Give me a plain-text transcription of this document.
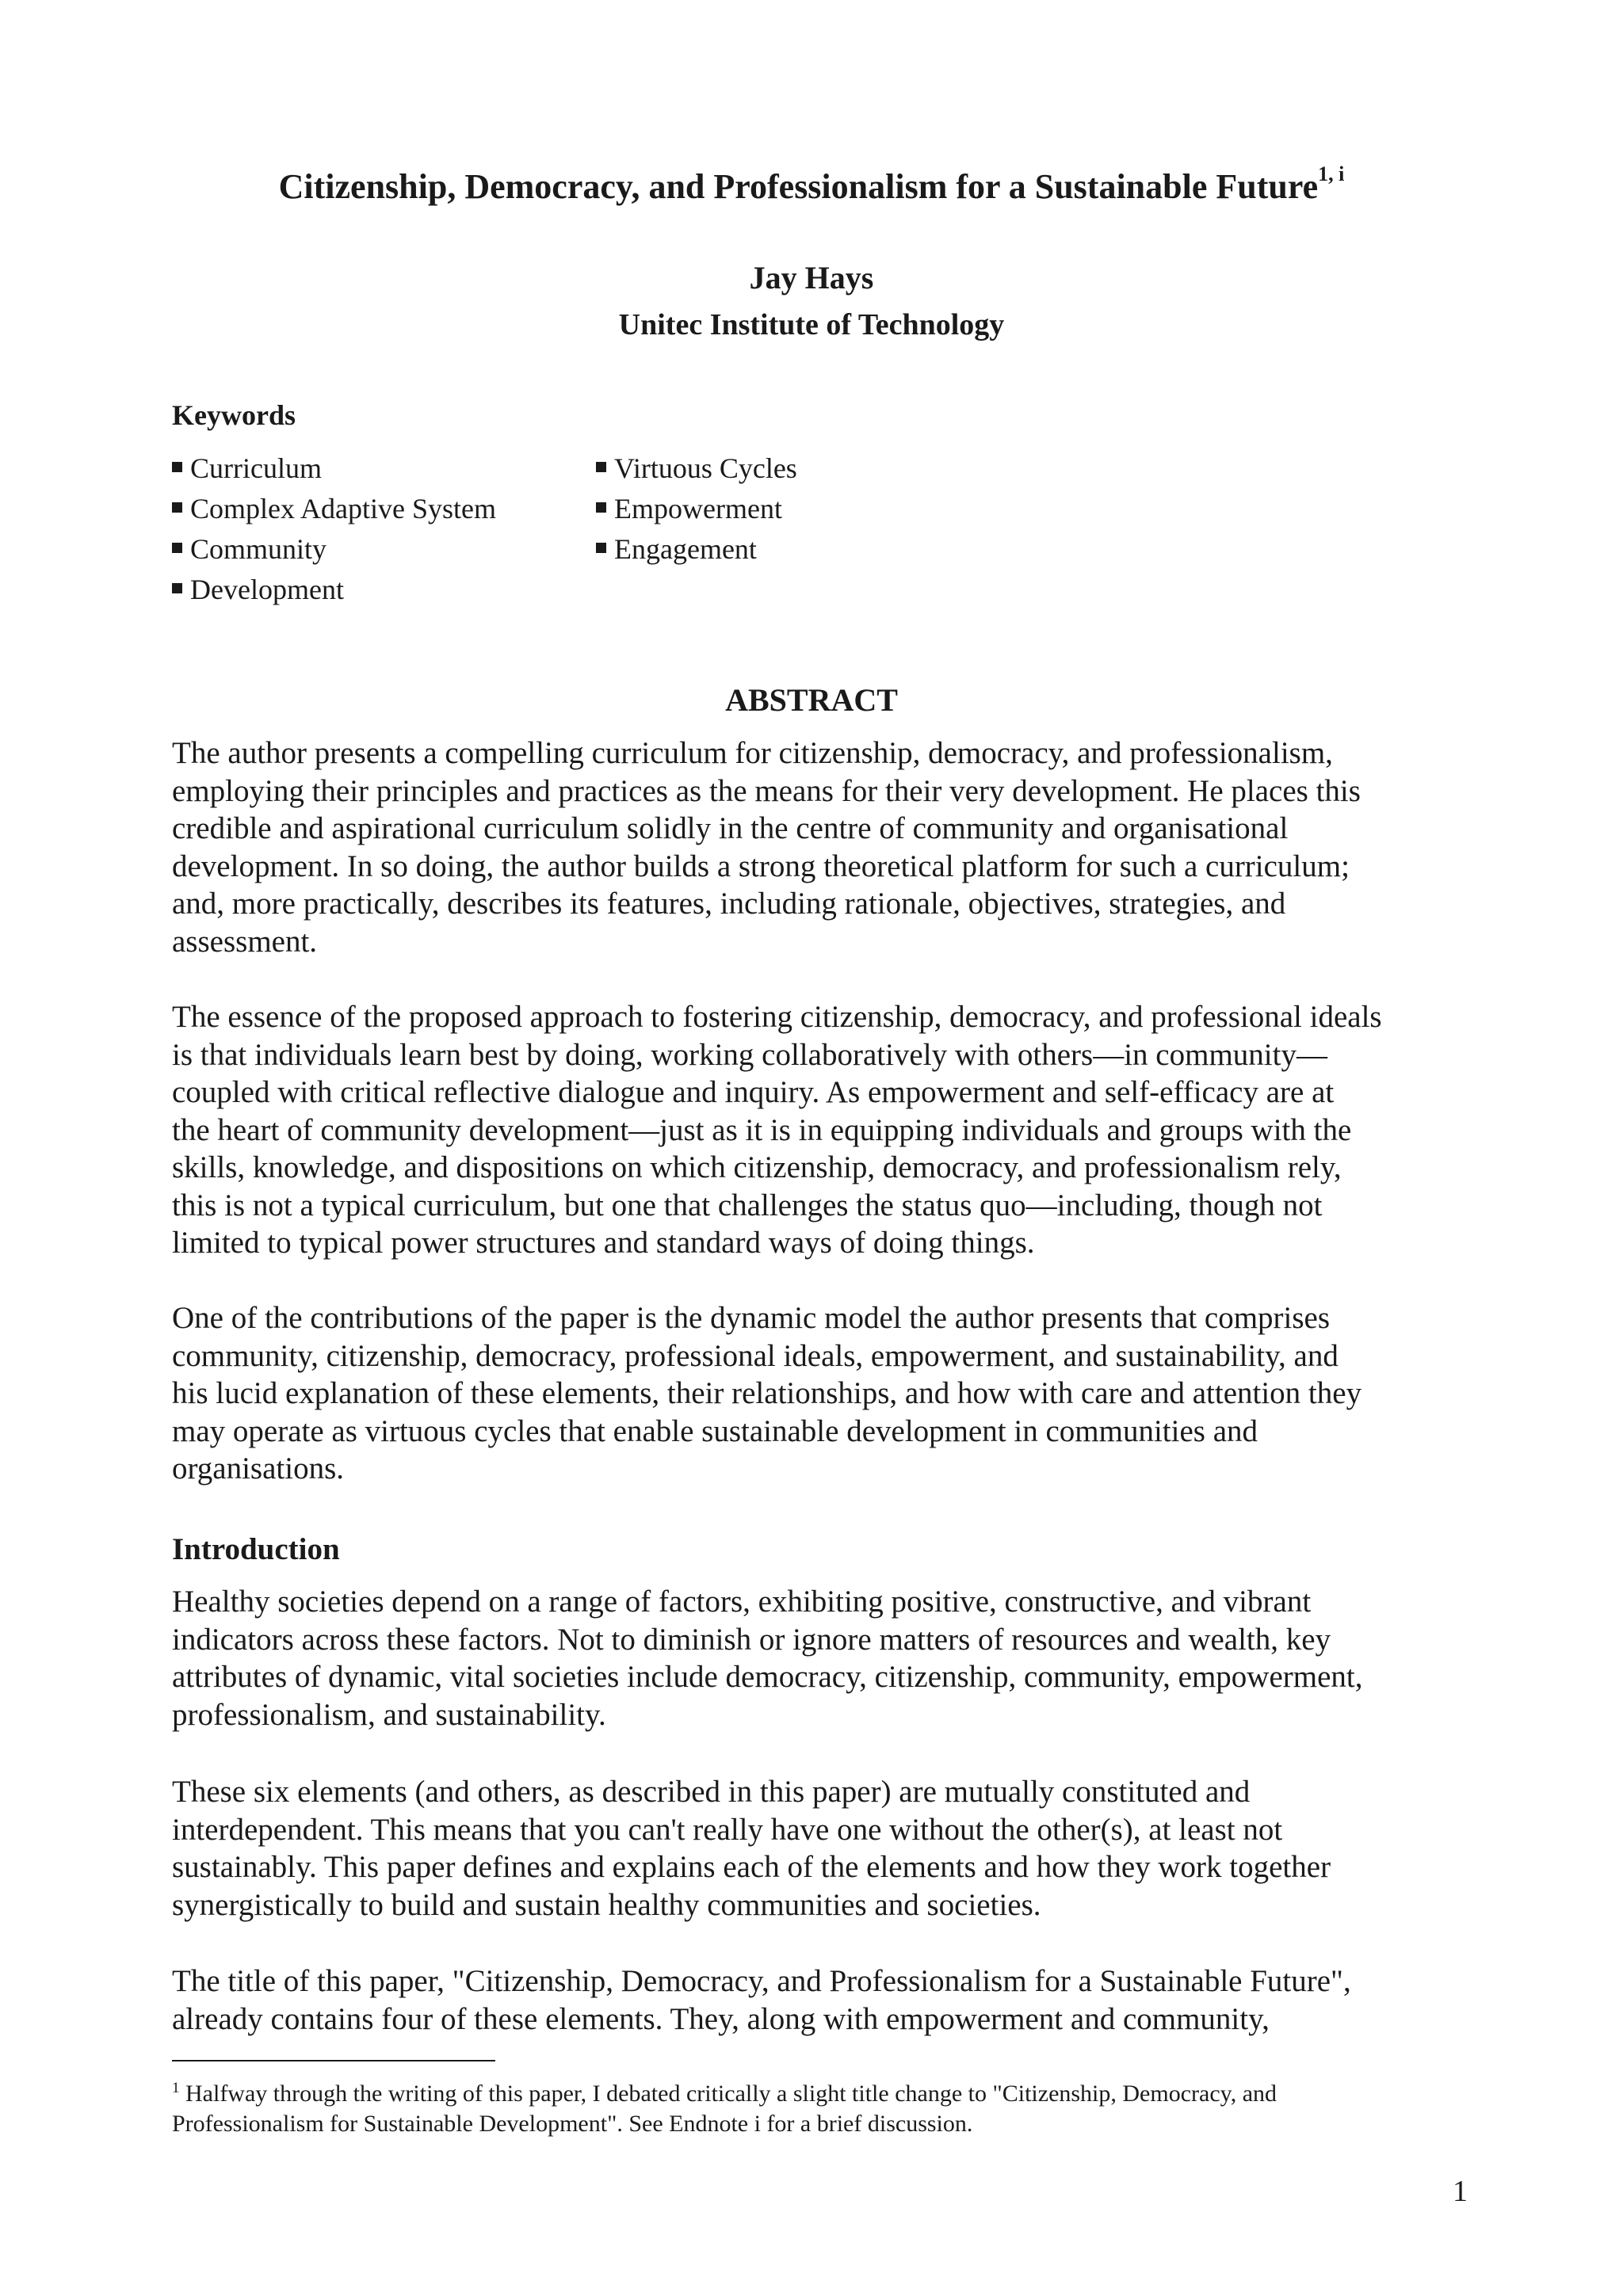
Citizenship, Democracy, and Professionalism for a Sustainable Future$^{1, i}$

Jay Hays

Unitec Institute of Technology

Keywords

Curriculum
Complex Adaptive System
Community
Development
Virtuous Cycles
Empowerment
Engagement
ABSTRACT

The author presents a compelling curriculum for citizenship, democracy, and professionalism,
employing their principles and practices as the means for their very development. He places this
credible and aspirational curriculum solidly in the centre of community and organisational
development. In so doing, the author builds a strong theoretical platform for such a curriculum;
and, more practically, describes its features, including rationale, objectives, strategies, and
assessment.

The essence of the proposed approach to fostering citizenship, democracy, and professional ideals
is that individuals learn best by doing, working collaboratively with others—in community—
coupled with critical reflective dialogue and inquiry. As empowerment and self-efficacy are at
the heart of community development—just as it is in equipping individuals and groups with the
skills, knowledge, and dispositions on which citizenship, democracy, and professionalism rely,
this is not a typical curriculum, but one that challenges the status quo—including, though not
limited to typical power structures and standard ways of doing things.

One of the contributions of the paper is the dynamic model the author presents that comprises
community, citizenship, democracy, professional ideals, empowerment, and sustainability, and
his lucid explanation of these elements, their relationships, and how with care and attention they
may operate as virtuous cycles that enable sustainable development in communities and
organisations.

Introduction

Healthy societies depend on a range of factors, exhibiting positive, constructive, and vibrant
indicators across these factors. Not to diminish or ignore matters of resources and wealth, key
attributes of dynamic, vital societies include democracy, citizenship, community, empowerment,
professionalism, and sustainability.

These six elements (and others, as described in this paper) are mutually constituted and
interdependent. This means that you can't really have one without the other(s), at least not
sustainably. This paper defines and explains each of the elements and how they work together
synergistically to build and sustain healthy communities and societies.

The title of this paper, "Citizenship, Democracy, and Professionalism for a Sustainable Future",
already contains four of these elements. They, along with empowerment and community,

$^1$ Halfway through the writing of this paper, I debated critically a slight title change to "Citizenship, Democracy, and
Professionalism for Sustainable Development". See Endnote i for a brief discussion.

1
